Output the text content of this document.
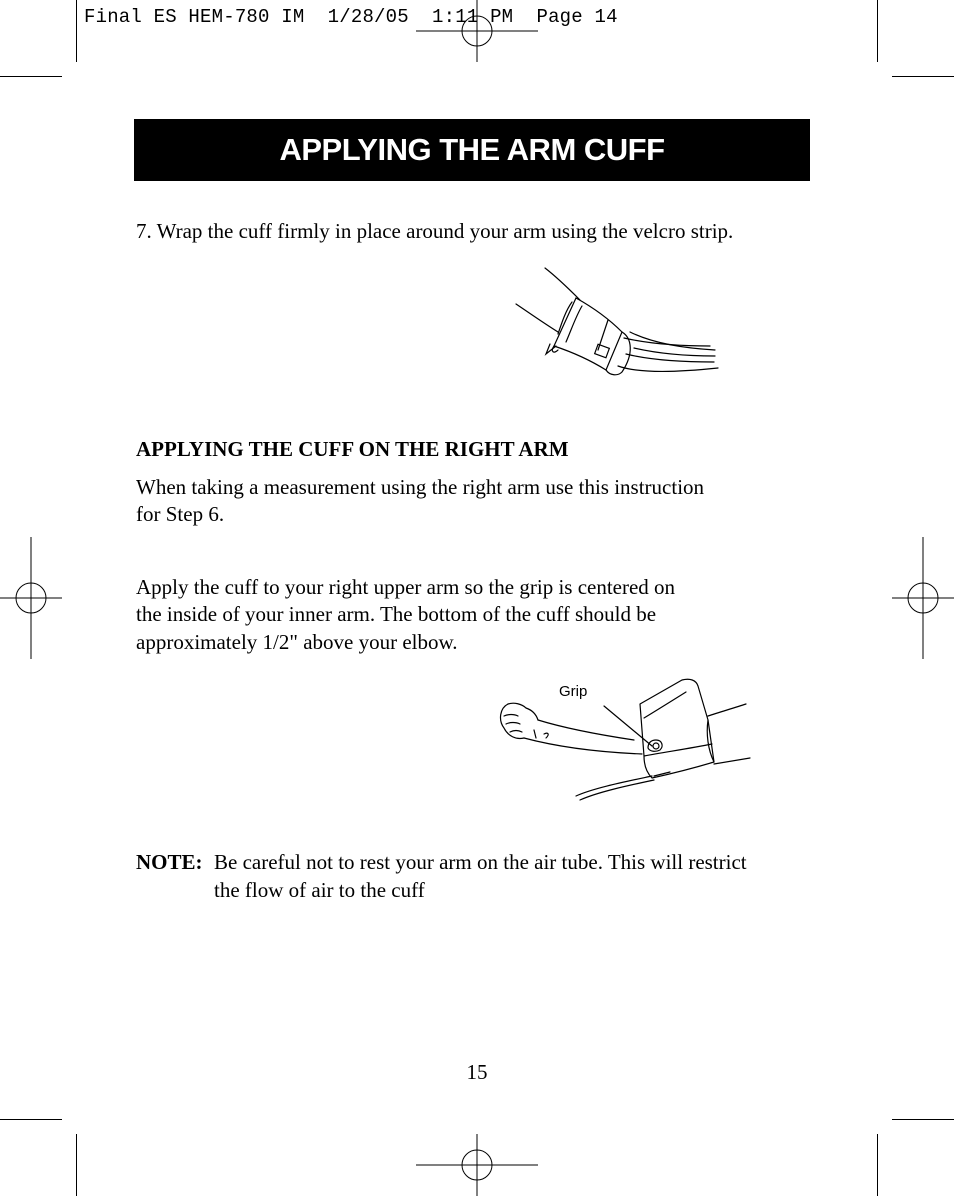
Final ES HEM-780 IM  1/28/05  1:11 PM  Page 14
APPLYING THE ARM CUFF
7. Wrap the cuff firmly in place around your arm using the velcro strip.
APPLYING THE CUFF ON THE RIGHT ARM
When taking a measurement using the right arm use this instruction
for Step 6.
Apply the cuff to your right upper arm so the grip is centered on
the inside of your inner arm. The bottom of the cuff should be
approximately 1/2" above your elbow.
Grip
NOTE: Be careful not to rest your arm on the air tube. This will restrict
the flow of air to the cuff
15
